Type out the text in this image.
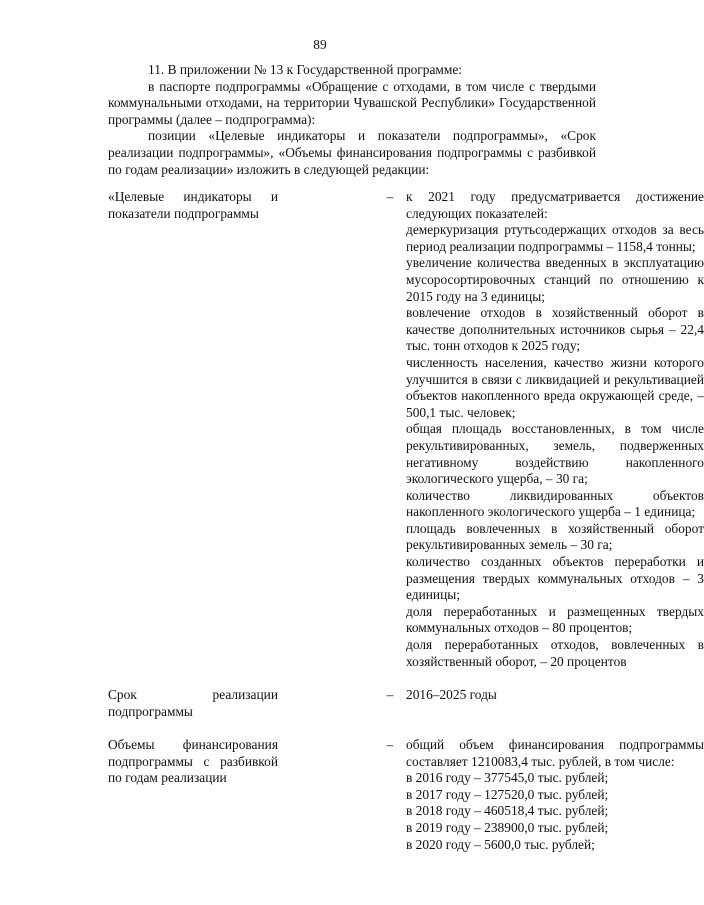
89

11. В приложении № 13 к Государственной программе:

в паспорте подпрограммы «Обращение с отходами, в том числе с твердыми коммунальными отходами, на территории Чувашской Республики» Государственной программы (далее – подпрограмма):

позиции «Целевые индикаторы и показатели подпрограммы», «Срок реализации подпрограммы», «Объемы финансирования подпрограммы с разбивкой по годам реализации» изложить в следующей редакции:

«Целевые индикаторы и показатели подпрограммы
– к 2021 году предусматривается достижение следующих показателей:

демеркуризация ртутьсодержащих отходов за весь период реализации подпрограммы – 1158,4 тонны;

увеличение количества введенных в эксплуатацию мусоросортировочных станций по отношению к 2015 году на 3 единицы;

вовлечение отходов в хозяйственный оборот в качестве дополнительных источников сырья – 22,4 тыс. тонн отходов к 2025 году;

численность населения, качество жизни которого улучшится в связи с ликвидацией и рекультивацией объектов накопленного вреда окружающей среде, – 500,1 тыс. человек;

общая площадь восстановленных, в том числе рекультивированных, земель, подверженных негативному воздействию накопленного экологического ущерба, – 30 га;

количество ликвидированных объектов накопленного экологического ущерба – 1 единица;

площадь вовлеченных в хозяйственный оборот рекультивированных земель – 30 га;

количество созданных объектов переработки и размещения твердых коммунальных отходов – 3 единицы;

доля переработанных и размещенных твердых коммунальных отходов – 80 процентов;

доля переработанных отходов, вовлеченных в хозяйственный оборот, – 20 процентов

Срок реализации подпрограммы
– 2016–2025 годы

Объемы финансирования подпрограммы с разбивкой по годам реализации
– общий объем финансирования подпрограммы составляет 1210083,4 тыс. рублей, в том числе:

в 2016 году – 377545,0 тыс. рублей;

в 2017 году – 127520,0 тыс. рублей;

в 2018 году – 460518,4 тыс. рублей;

в 2019 году – 238900,0 тыс. рублей;

в 2020 году – 5600,0 тыс. рублей;
